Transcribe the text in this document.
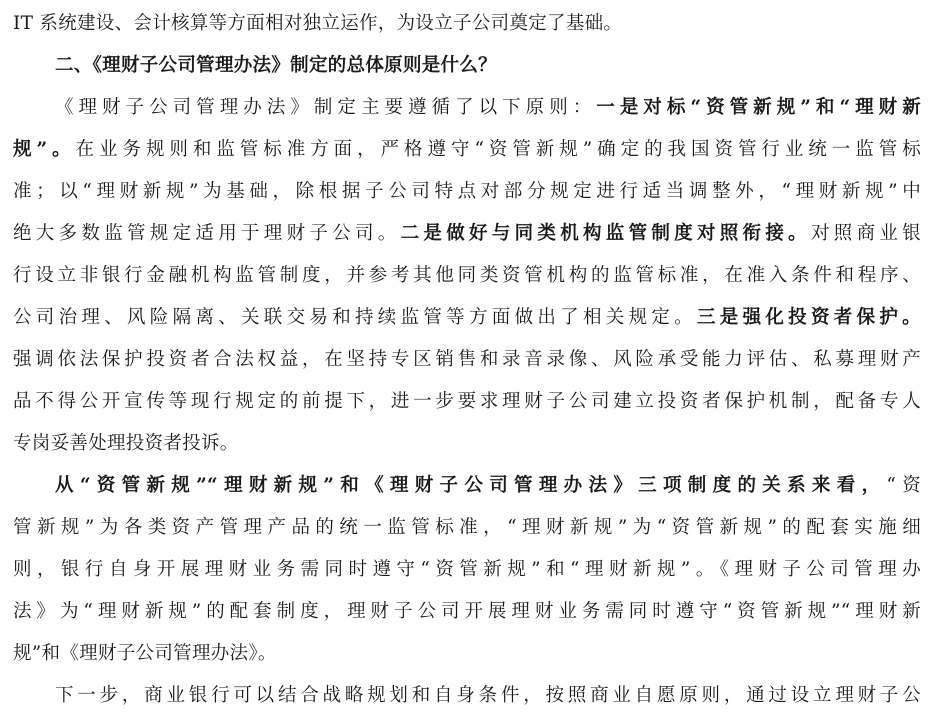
IT 系统建设、会计核算等方面相对独立运作，为设立子公司奠定了基础。
二、《理财子公司管理办法》制定的总体原则是什么？
《理财子公司管理办法》制定主要遵循了以下原则：一是对标“资管新规”和“理财新
规”。在业务规则和监管标准方面，严格遵守“资管新规”确定的我国资管行业统一监管标
准；以“理财新规”为基础，除根据子公司特点对部分规定进行适当调整外，“理财新规”中
绝大多数监管规定适用于理财子公司。二是做好与同类机构监管制度对照衔接。对照商业银
行设立非银行金融机构监管制度，并参考其他同类资管机构的监管标准，在准入条件和程序、
公司治理、风险隔离、关联交易和持续监管等方面做出了相关规定。三是强化投资者保护。
强调依法保护投资者合法权益，在坚持专区销售和录音录像、风险承受能力评估、私募理财产
品不得公开宣传等现行规定的前提下，进一步要求理财子公司建立投资者保护机制，配备专人
专岗妥善处理投资者投诉。
从“资管新规”“理财新规”和《理财子公司管理办法》三项制度的关系来看，“资
管新规”为各类资产管理产品的统一监管标准，“理财新规”为“资管新规”的配套实施细
则，银行自身开展理财业务需同时遵守“资管新规”和“理财新规”。《理财子公司管理办
法》为“理财新规”的配套制度，理财子公司开展理财业务需同时遵守“资管新规”“理财新
规”和《理财子公司管理办法》。
下一步，商业银行可以结合战略规划和自身条件，按照商业自愿原则，通过设立理财子公
